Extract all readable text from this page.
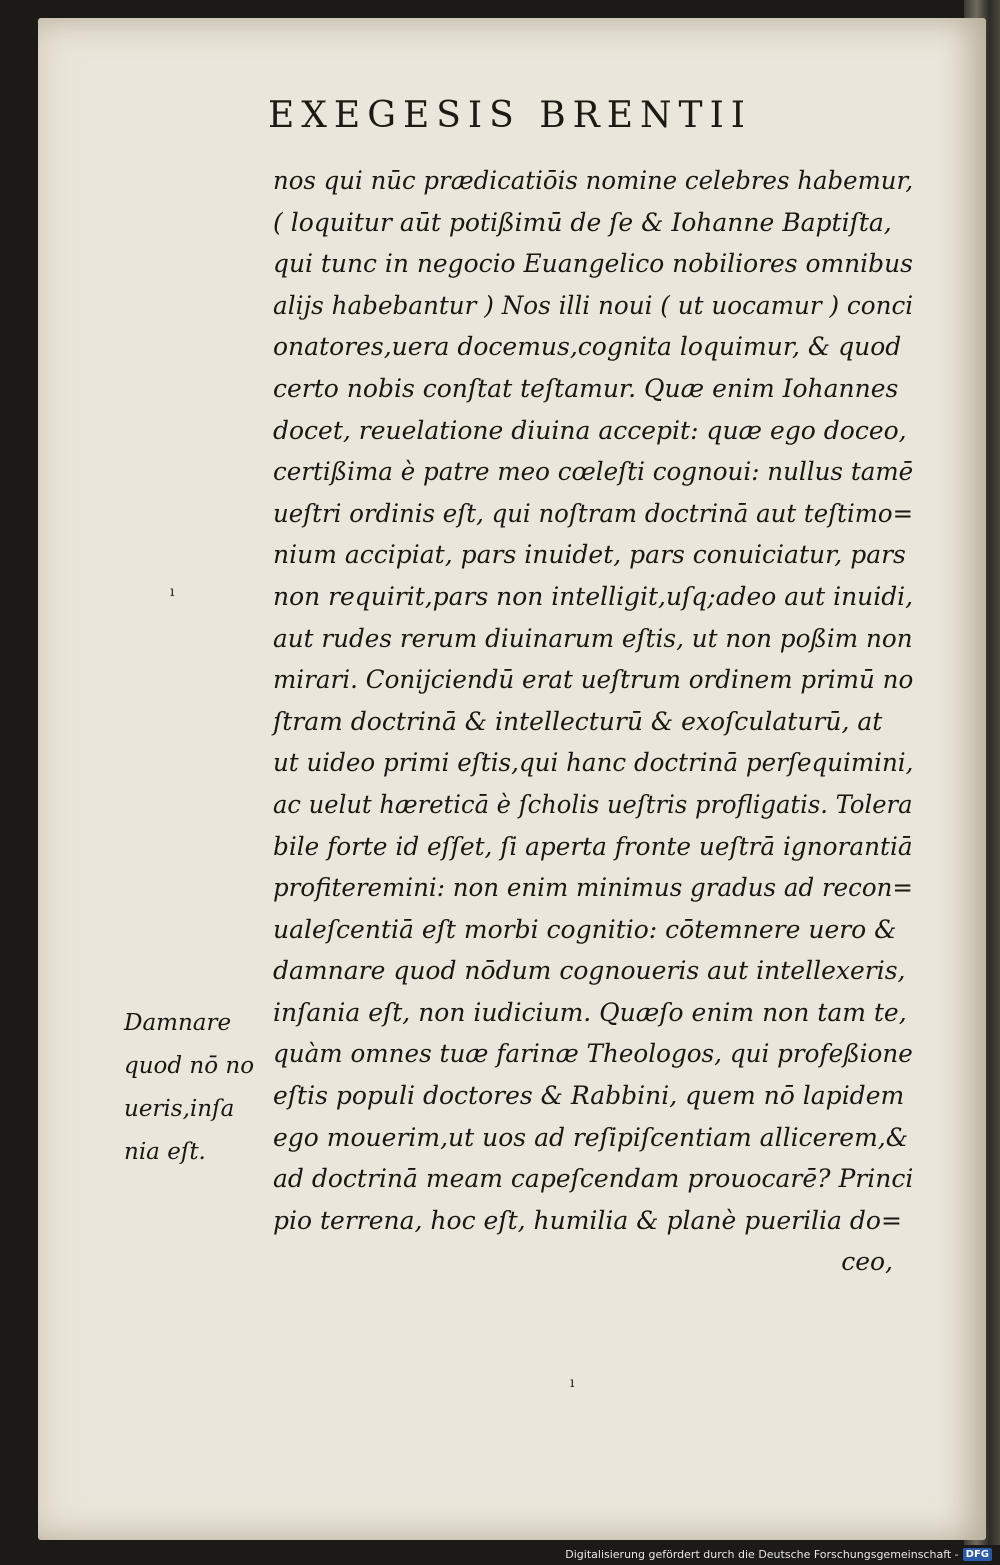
EXEGESIS BRENTII
nos qui nūc prædicatiōis nomine celebres habemur,
( loquitur aūt potißimū de ſe & Iohanne Baptiſta,
qui tunc in negocio Euangelico nobiliores omnibus
alijs habebantur ) Nos illi noui ( ut uocamur ) conci
onatores,uera docemus,cognita loquimur, & quod
certo nobis conſtat teſtamur. Quæ enim Iohannes
docet, reuelatione diuina accepit: quæ ego doceo,
certißima è patre meo cœleſti cognoui: nullus tamē
ueſtri ordinis eſt, qui noſtram doctrinā aut teſtimo=
nium accipiat, pars inuidet, pars conuiciatur, pars
non requirit,pars non intelligit,uſq;adeo aut inuidi,
aut rudes rerum diuinarum eſtis, ut non poßim non
mirari. Conijciendū erat ueſtrum ordinem primū no
ſtram doctrinā & intellecturū & exoſculaturū, at
ut uideo primi eſtis,qui hanc doctrinā perſequimini,
ac uelut hæreticā è ſcholis ueſtris profligatis. Tolera
bile forte id eſſet, ſi aperta fronte ueſtrā ignorantiā
profiteremini: non enim minimus gradus ad recon=
ualeſcentiā eſt morbi cognitio: cōtemnere uero &
damnare quod nōdum cognoueris aut intellexeris,
inſania eſt, non iudicium. Quæſo enim non tam te,
quàm omnes tuæ farinæ Theologos, qui profeßione
eſtis populi doctores & Rabbini, quem nō lapidem
ego mouerim,ut uos ad reſipiſcentiam allicerem,&
ad doctrinā meam capeſcendam prouocarē? Princi
pio terrena, hoc eſt, humilia & planè puerilia do=
ceo,
Damnare
quod nō no
ueris,inſa
nia eſt.
ı
ı
Digitalisierung gefördert durch die Deutsche Forschungsgemeinschaft - DFG
